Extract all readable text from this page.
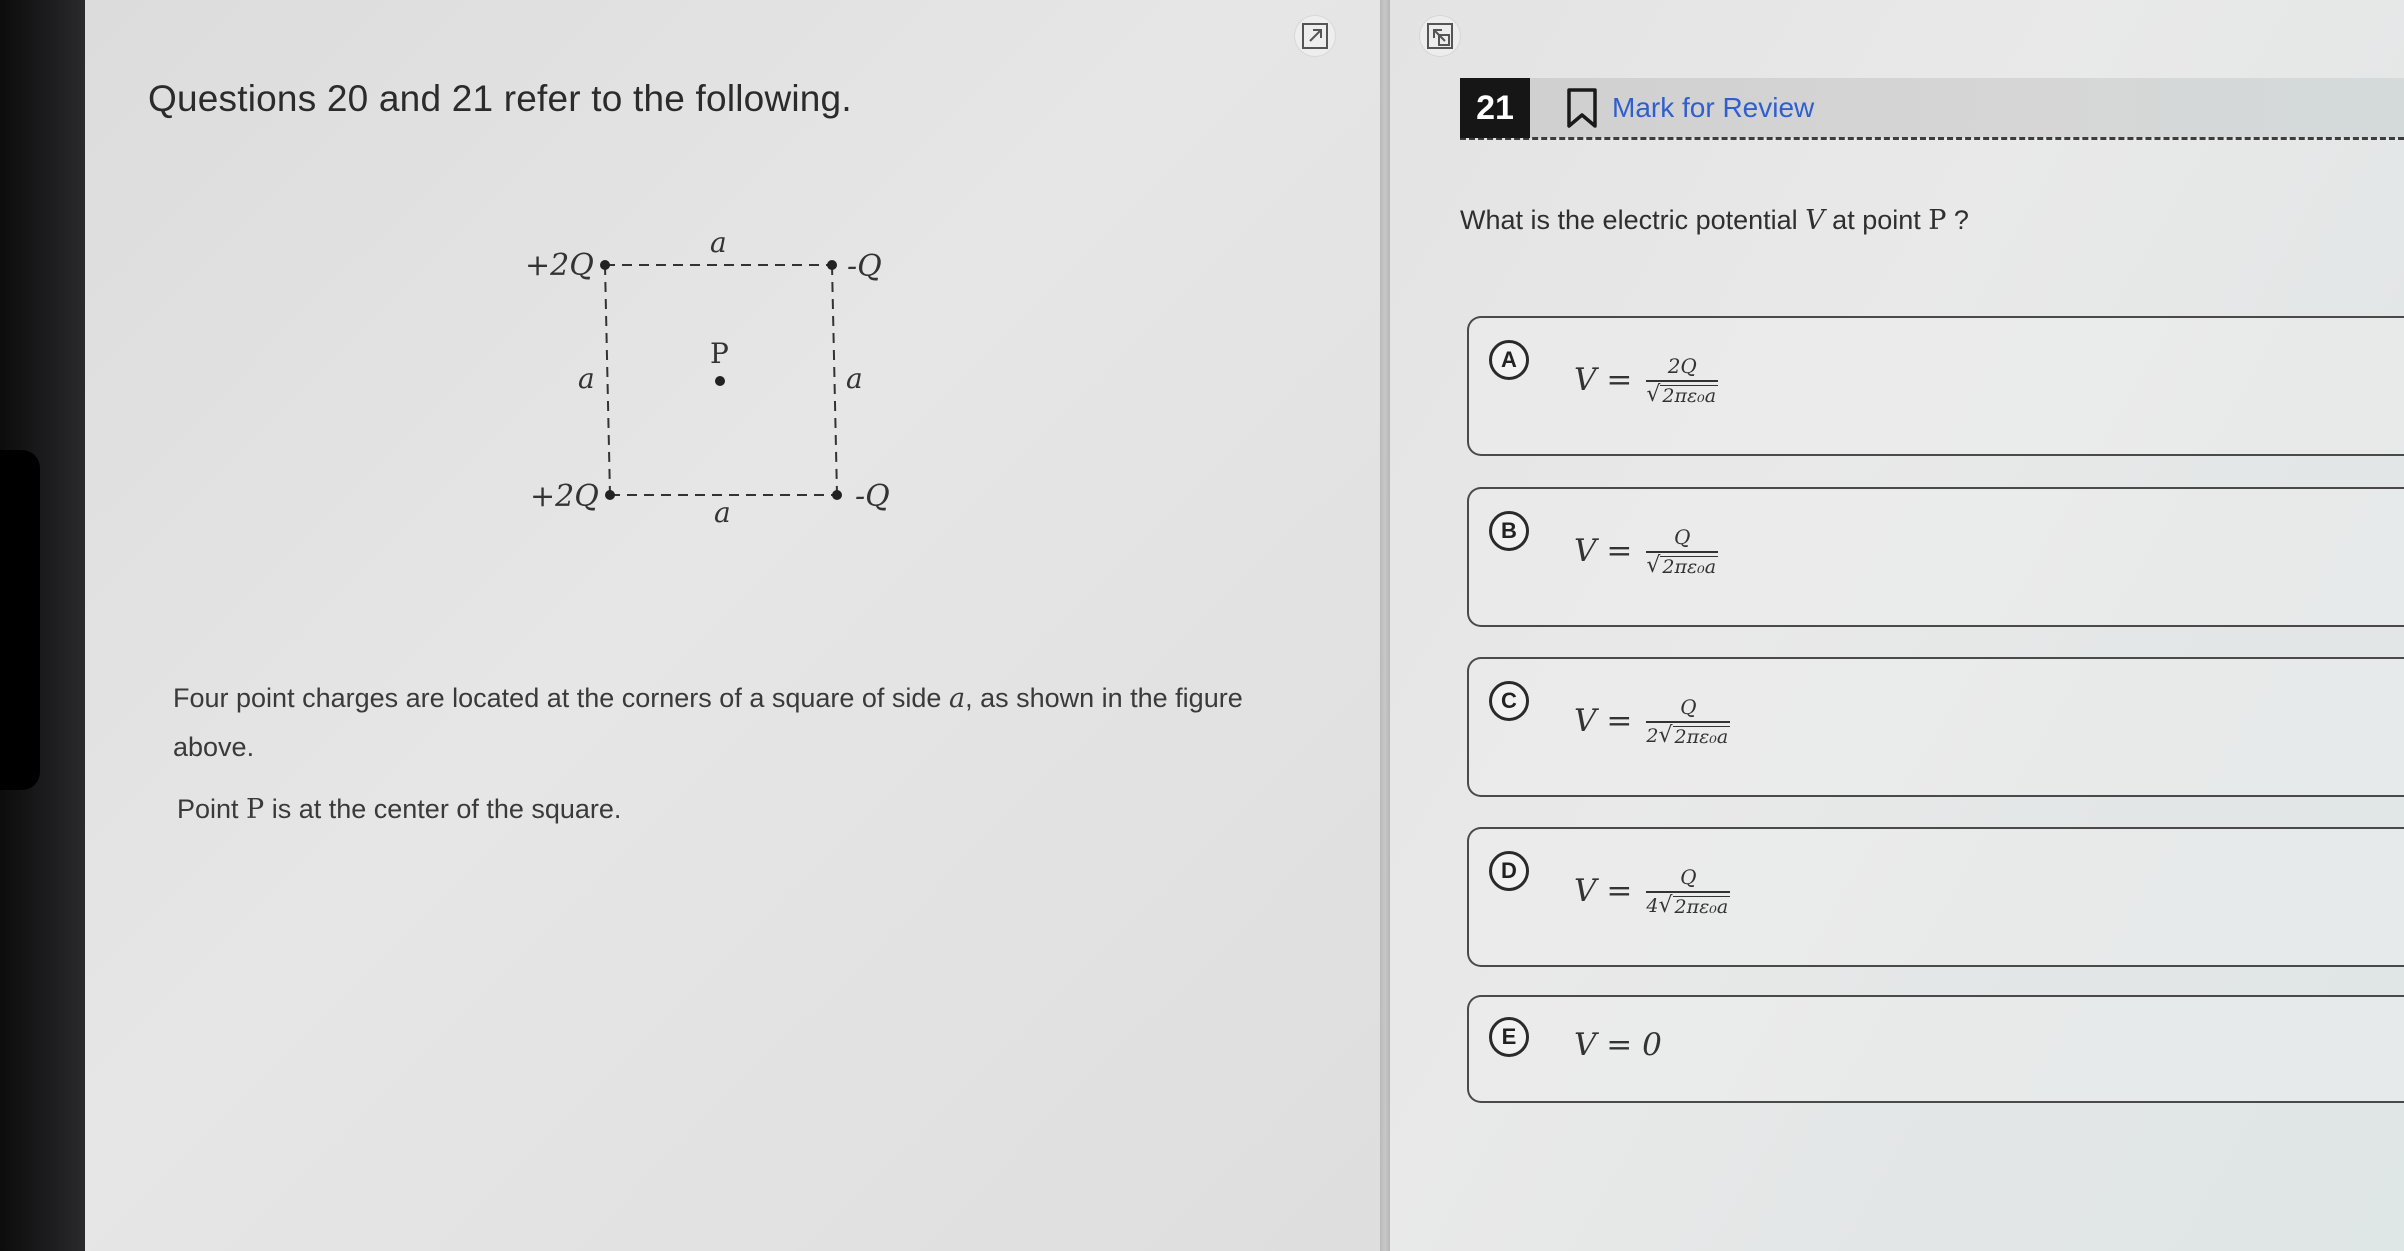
Questions 20 and 21 refer to the following.
+2Q
+2Q
-Q
-Q
a
a	a
a
P

Four point charges are located at the corners of a square of side a, as shown in the figure above.

Point P is at the center of the square.

21	Mark for Review
What is the electric potential V at point P ?
A
$V = \frac{2Q}{\text{√ 2πε₀a}}$
B
$V = \frac{Q}{\text{√ 2πε₀a}}$
C
$V = \frac{Q}{\text{2 √ 2πε₀a}}$
D
$V = \frac{Q}{\text{4 √ 2πε₀a}}$
E	V = 0
